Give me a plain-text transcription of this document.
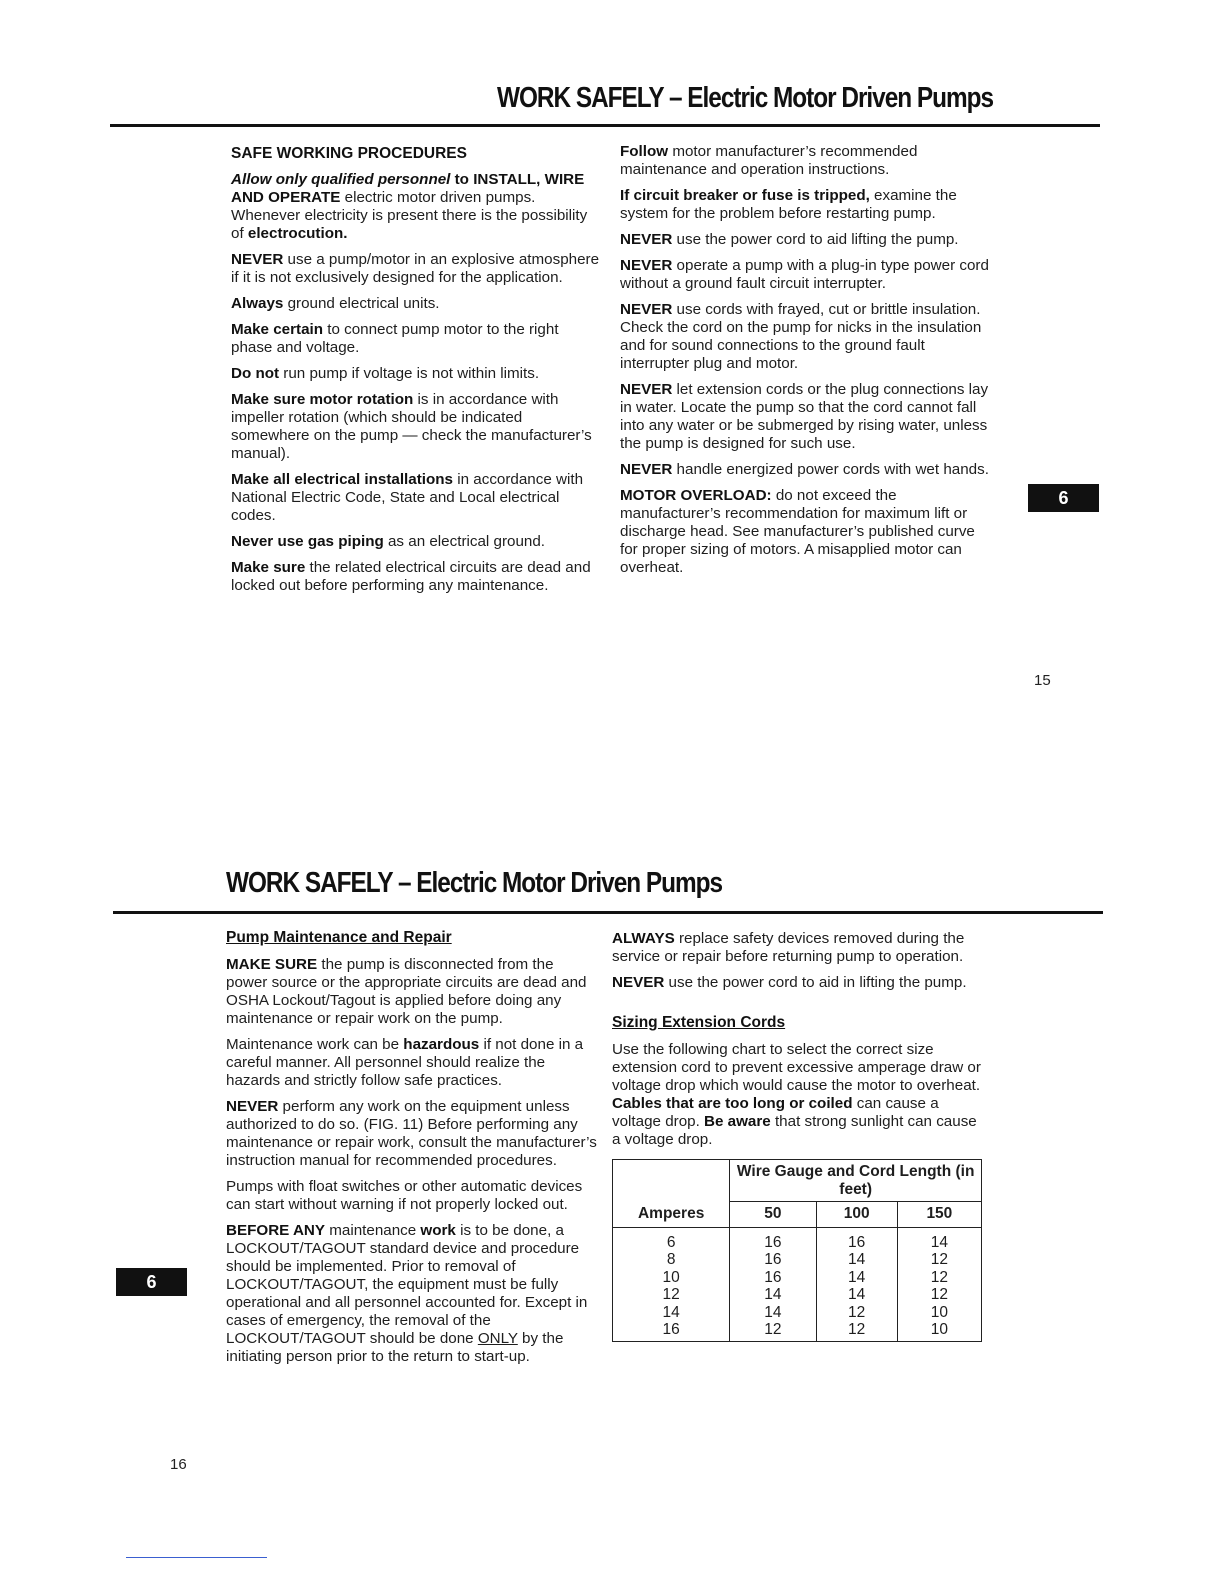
WORK SAFELY – Electric Motor Driven Pumps
SAFE WORKING PROCEDURES

Allow only qualified personnel to INSTALL, WIRE AND OPERATE electric motor driven pumps. Whenever electricity is present there is the possibility of electrocution.

NEVER use a pump/motor in an explosive atmosphere if it is not exclusively designed for the application.

Always ground electrical units.

Make certain to connect pump motor to the right phase and voltage.

Do not run pump if voltage is not within limits.

Make sure motor rotation is in accordance with impeller rotation (which should be indicated somewhere on the pump — check the manufacturer’s manual).

Make all electrical installations in accordance with National Electric Code, State and Local electrical codes.

Never use gas piping as an electrical ground.

Make sure the related electrical circuits are dead and locked out before performing any maintenance.

Follow motor manufacturer’s recommended maintenance and operation instructions.

If circuit breaker or fuse is tripped, examine the system for the problem before restarting pump.

NEVER use the power cord to aid lifting the pump.

NEVER operate a pump with a plug-in type power cord without a ground fault circuit interrupter.

NEVER use cords with frayed, cut or brittle insulation. Check the cord on the pump for nicks in the insulation and for sound connections to the ground fault interrupter plug and motor.

NEVER let extension cords or the plug connections lay in water. Locate the pump so that the cord cannot fall into any water or be submerged by rising water, unless the pump is designed for such use.

NEVER handle energized power cords with wet hands.

MOTOR OVERLOAD: do not exceed the manufacturer’s recommendation for maximum lift or discharge head. See manufacturer’s published curve for proper sizing of motors. A misapplied motor can overheat.

6
15
WORK SAFELY – Electric Motor Driven Pumps
Pump Maintenance and Repair

MAKE SURE the pump is disconnected from the power source or the appropriate circuits are dead and OSHA Lockout/Tagout is applied before doing any maintenance or repair work on the pump.

Maintenance work can be hazardous if not done in a careful manner. All personnel should realize the hazards and strictly follow safe practices.

NEVER perform any work on the equipment unless authorized to do so. (FIG. 11) Before performing any maintenance or repair work, consult the manufacturer’s instruction manual for recommended procedures.

Pumps with float switches or other automatic devices can start without warning if not properly locked out.

BEFORE ANY maintenance work is to be done, a LOCKOUT/TAGOUT standard device and procedure should be implemented. Prior to removal of LOCKOUT/TAGOUT, the equipment must be fully operational and all personnel accounted for. Except in cases of emergency, the removal of the LOCKOUT/TAGOUT should be done ONLY by the initiating person prior to the return to start-up.

ALWAYS replace safety devices removed during the service or repair before returning pump to operation.

NEVER use the power cord to aid in lifting the pump.

Sizing Extension Cords

Use the following chart to select the correct size extension cord to prevent excessive amperage draw or voltage drop which would cause the motor to overheat. Cables that are too long or coiled can cause a voltage drop. Be aware that strong sunlight can cause a voltage drop.

	Wire Gauge and Cord Length (in feet)		
Amperes	50	100	150
6	16	16	14
8	16	14	12
10	16	14	12
12	14	14	12
14	14	12	10
16	12	12	10
6
16
